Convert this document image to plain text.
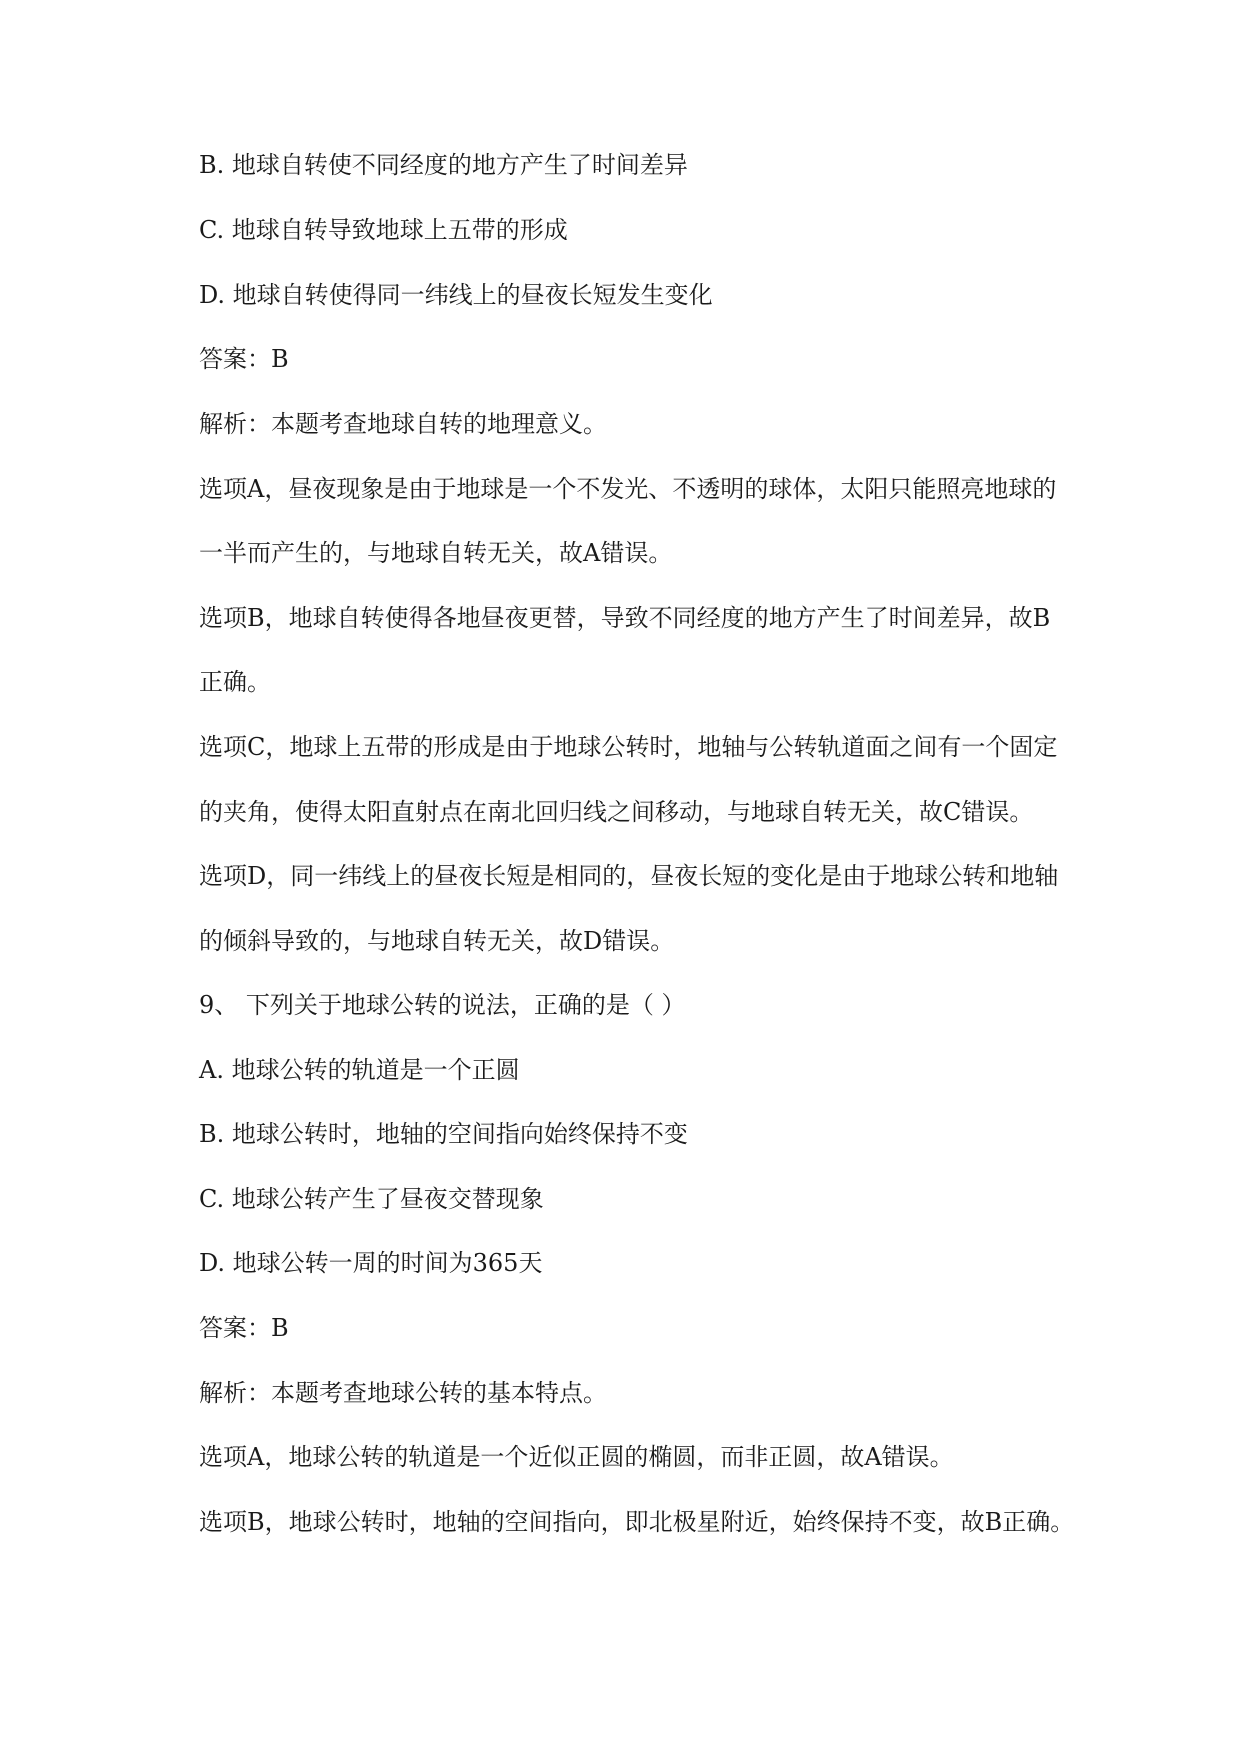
B. 地球自转使不同经度的地方产生了时间差异

C. 地球自转导致地球上五带的形成

D. 地球自转使得同一纬线上的昼夜长短发生变化

答案：B

解析：本题考查地球自转的地理意义。

选项A，昼夜现象是由于地球是一个不发光、不透明的球体，太阳只能照亮地球的

一半而产生的，与地球自转无关，故A错误。

选项B，地球自转使得各地昼夜更替，导致不同经度的地方产生了时间差异，故B

正确。

选项C，地球上五带的形成是由于地球公转时，地轴与公转轨道面之间有一个固定

的夹角，使得太阳直射点在南北回归线之间移动，与地球自转无关，故C错误。

选项D，同一纬线上的昼夜长短是相同的，昼夜长短的变化是由于地球公转和地轴

的倾斜导致的，与地球自转无关，故D错误。

9、 下列关于地球公转的说法，正确的是（ ）

A. 地球公转的轨道是一个正圆

B. 地球公转时，地轴的空间指向始终保持不变

C. 地球公转产生了昼夜交替现象

D. 地球公转一周的时间为365天

答案：B

解析：本题考查地球公转的基本特点。

选项A，地球公转的轨道是一个近似正圆的椭圆，而非正圆，故A错误。

选项B，地球公转时，地轴的空间指向，即北极星附近，始终保持不变，故B正确。
